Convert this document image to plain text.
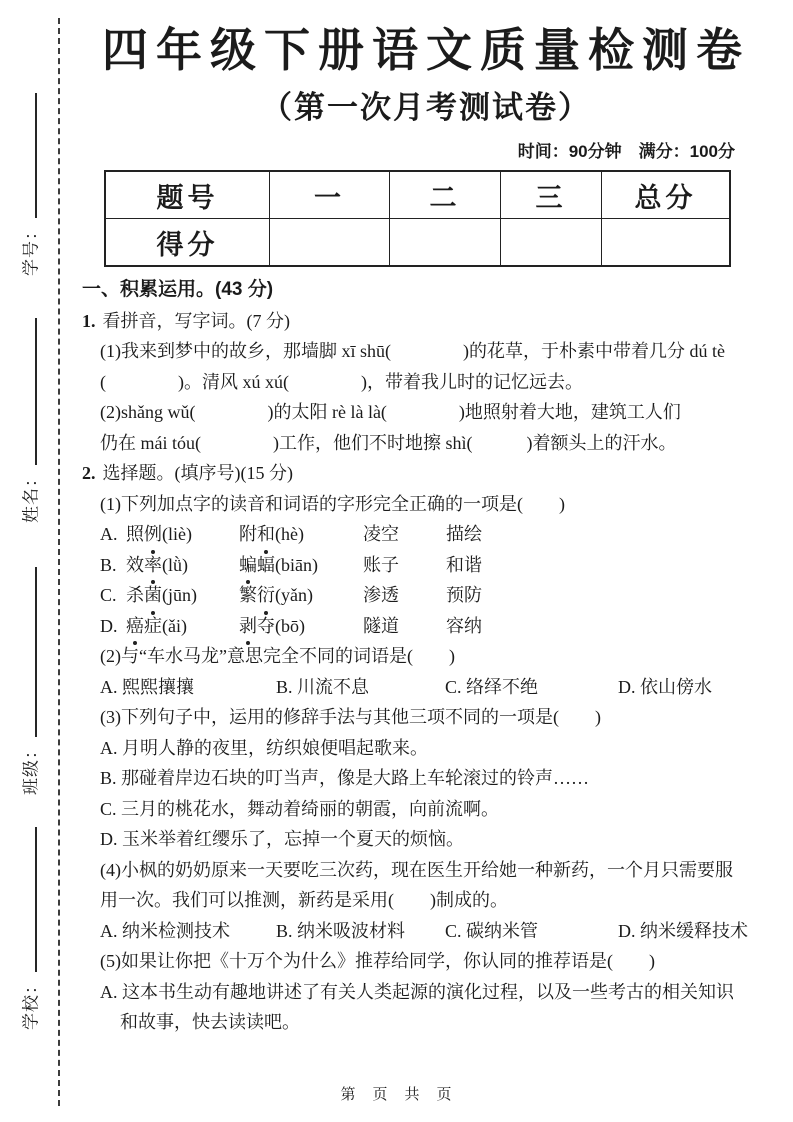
学校：班级：姓名：学号：
四年级下册语文质量检测卷
（第一次月考测试卷）
时间：90分钟　满分：100分
题号	一	二	三	总分
得分				
一、积累运用。(43 分)
1. 看拼音，写字词。(7 分)
(1)我来到梦中的故乡，那墙脚 xī shū(　　　　)的花草，于朴素中带着几分 dú tè
(　　　　)。清风 xú xú(　　　　)，带着我儿时的记忆远去。
(2)shǎng wǔ(　　　　)的太阳 rè là là(　　　　)地照射着大地，建筑工人们
仍在 mái tóu(　　　　)工作，他们不时地擦 shì(　　　)着额头上的汗水。
2. 选择题。(填序号)(15 分)
(1)下列加点字的读音和词语的字形完全正确的一项是(　　)
A. 照例(liè)	附和(hè)	凌空	描绘
B. 效率(lǜ)	蝙蝠(biān)	账子	和谐
C. 杀菌(jūn)	繁衍(yǎn)	渗透	预防
D. 癌症(ǎi)	剥夺(bō)	隧道	容纳
(2)与“车水马龙”意思完全不同的词语是(　　)
A. 熙熙攘攘	B. 川流不息	C. 络绎不绝	D. 依山傍水
(3)下列句子中，运用的修辞手法与其他三项不同的一项是(　　)
A. 月明人静的夜里，纺织娘便唱起歌来。
B. 那碰着岸边石块的叮当声，像是大路上车轮滚过的铃声……
C. 三月的桃花水，舞动着绮丽的朝霞，向前流啊。
D. 玉米举着红缨乐了，忘掉一个夏天的烦恼。
(4)小枫的奶奶原来一天要吃三次药，现在医生开给她一种新药，一个月只需要服
用一次。我们可以推测，新药是采用(　　)制成的。
A. 纳米检测技术	B. 纳米吸波材料	C. 碳纳米管	D. 纳米缓释技术
(5)如果让你把《十万个为什么》推荐给同学，你认同的推荐语是(　　)
A. 这本书生动有趣地讲述了有关人类起源的演化过程，以及一些考古的相关知识
和故事，快去读读吧。
第　页　共　页
